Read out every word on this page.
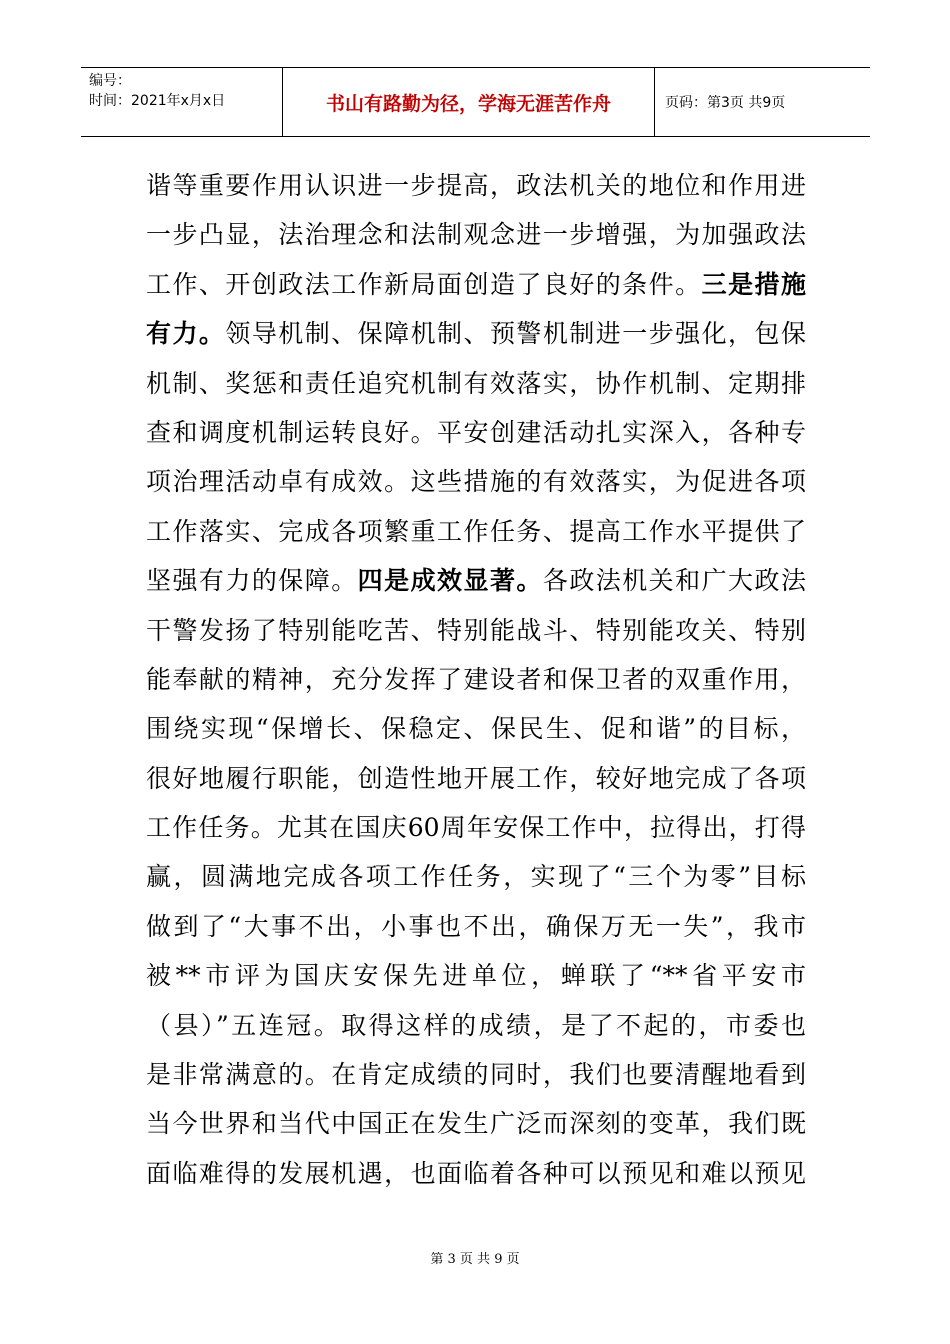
编号：
时间：2021年x月x日	书山有路勤为径，学海无涯苦作舟	页码：第3页 共9页
谐等重要作用认识进一步提高，政法机关的地位和作用进
一步凸显，法治理念和法制观念进一步增强，为加强政法
工作、开创政法工作新局面创造了良好的条件。三是措施
有力。领导机制、保障机制、预警机制进一步强化，包保
机制、奖惩和责任追究机制有效落实，协作机制、定期排
查和调度机制运转良好。平安创建活动扎实深入，各种专
项治理活动卓有成效。这些措施的有效落实，为促进各项
工作落实、完成各项繁重工作任务、提高工作水平提供了
坚强有力的保障。四是成效显著。各政法机关和广大政法
干警发扬了特别能吃苦、特别能战斗、特别能攻关、特别
能奉献的精神，充分发挥了建设者和保卫者的双重作用，
围绕实现“保增长、保稳定、保民生、促和谐”的目标，
很好地履行职能，创造性地开展工作，较好地完成了各项
工作任务。尤其在国庆60周年安保工作中，拉得出，打得
赢，圆满地完成各项工作任务，实现了“三个为零”目标
做到了“大事不出，小事也不出，确保万无一失”，我市
被**市评为国庆安保先进单位，蝉联了“**省平安市
（县）”五连冠。取得这样的成绩，是了不起的，市委也
是非常满意的。在肯定成绩的同时，我们也要清醒地看到
当今世界和当代中国正在发生广泛而深刻的变革，我们既
面临难得的发展机遇，也面临着各种可以预见和难以预见
第 3 页 共 9 页
